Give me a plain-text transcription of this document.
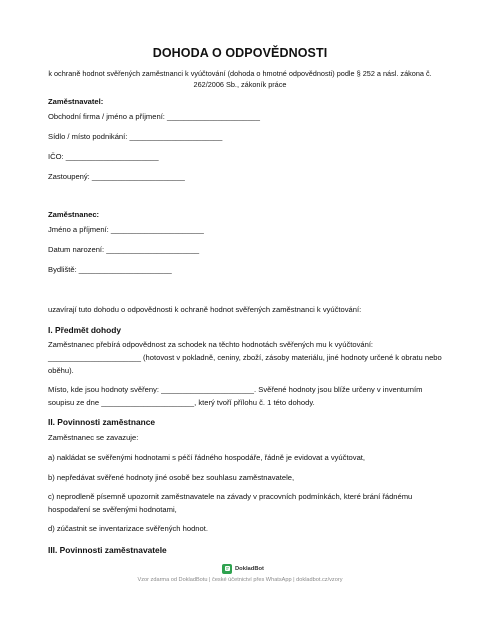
DOHODA O ODPOVĚDNOSTI
k ochraně hodnot svěřených zaměstnanci k vyúčtování (dohoda o hmotné odpovědnosti) podle § 252 a násl. zákona č. 262/2006 Sb., zákoník práce
Zaměstnavatel:
Obchodní firma / jméno a příjmení: ______________________
Sídlo / místo podnikání: ______________________
IČO: ______________________
Zastoupený: ______________________
Zaměstnanec:
Jméno a příjmení: ______________________
Datum narození: ______________________
Bydliště: ______________________
uzavírají tuto dohodu o odpovědnosti k ochraně hodnot svěřených zaměstnanci k vyúčtování:
I. Předmět dohody
Zaměstnanec přebírá odpovědnost za schodek na těchto hodnotách svěřených mu k vyúčtování: ______________________ (hotovost v pokladně, ceniny, zboží, zásoby materiálu, jiné hodnoty určené k obratu nebo oběhu).
Místo, kde jsou hodnoty svěřeny: ______________________. Svěřené hodnoty jsou blíže určeny v inventurním soupisu ze dne ______________________, který tvoří přílohu č. 1 této dohody.
II. Povinnosti zaměstnance
Zaměstnanec se zavazuje:
a) nakládat se svěřenými hodnotami s péčí řádného hospodáře, řádně je evidovat a vyúčtovat,
b) nepředávat svěřené hodnoty jiné osobě bez souhlasu zaměstnavatele,
c) neprodleně písemně upozornit zaměstnavatele na závady v pracovních podmínkách, které brání řádnému hospodaření se svěřenými hodnotami,
d) zúčastnit se inventarizace svěřených hodnot.
III. Povinnosti zaměstnavatele
DokladBot
Vzor zdarma od DokladBotu | české účetnictví přes WhatsApp | dokladbot.cz/vzory
